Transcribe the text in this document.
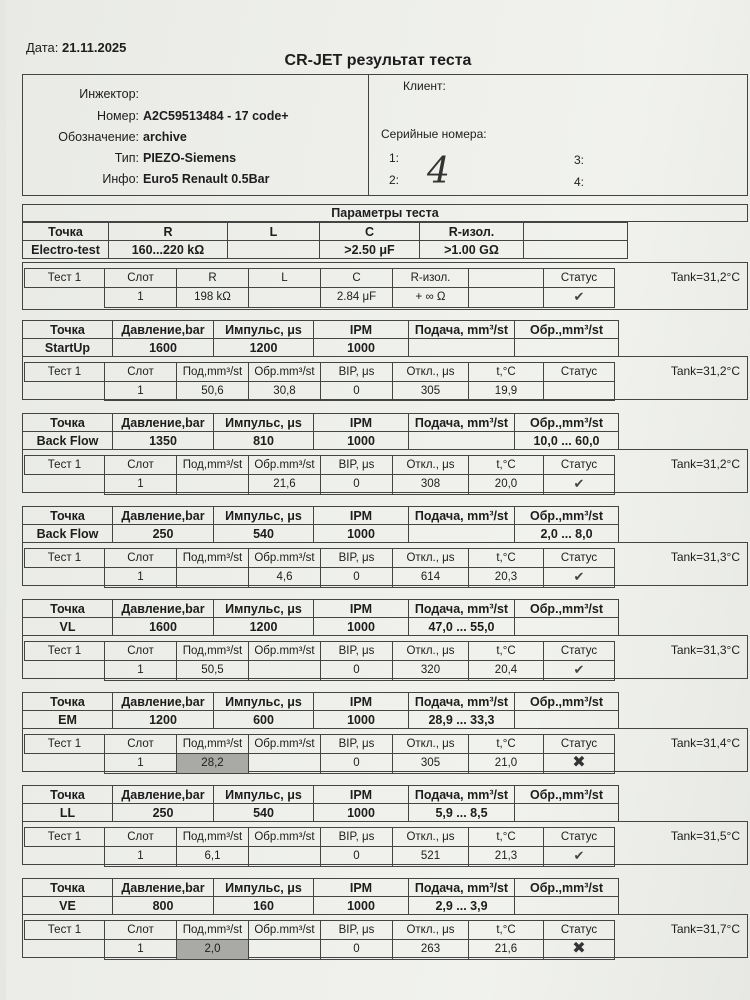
Дата: 21.11.2025
CR-JET результат теста
Инжектор:
Номер: A2C59513484 - 17 code+
Обозначение: archive
Тип: PIEZO-Siemens
Инфо: Euro5 Renault 0.5Bar
Клиент:
Серийные номера:
1:
2:
3:
4:
4
Параметры теста
Точка	R	L	C	R-изол.	
Electro-test	160...220 kΩ		>2.50 μF	>1.00 GΩ	
Тест 1	Слот	R	L	C	R-изол.		Статус
	1	198 kΩ		2.84 μF	+ ∞ Ω		✔
Tank=31,2°C
Точка	Давление,bar	Импульс, μs	IPM	Подача, mm³/st	Обр.,mm³/st
StartUp	1600	1200	1000		
Тест 1	Слот	Под,mm³/st	Обр.mm³/st	BIP, μs	Откл., μs	t,°C	Статус
	1	50,6	30,8	0	305	19,9	
Tank=31,2°C
Точка	Давление,bar	Импульс, μs	IPM	Подача, mm³/st	Обр.,mm³/st
Back Flow	1350	810	1000		10,0 ... 60,0
Тест 1	Слот	Под,mm³/st	Обр.mm³/st	BIP, μs	Откл., μs	t,°C	Статус
	1		21,6	0	308	20,0	✔
Tank=31,2°C
Точка	Давление,bar	Импульс, μs	IPM	Подача, mm³/st	Обр.,mm³/st
Back Flow	250	540	1000		2,0 ... 8,0
Тест 1	Слот	Под,mm³/st	Обр.mm³/st	BIP, μs	Откл., μs	t,°C	Статус
	1		4,6	0	614	20,3	✔
Tank=31,3°C
Точка	Давление,bar	Импульс, μs	IPM	Подача, mm³/st	Обр.,mm³/st
VL	1600	1200	1000	47,0 ... 55,0	
Тест 1	Слот	Под,mm³/st	Обр.mm³/st	BIP, μs	Откл., μs	t,°C	Статус
	1	50,5		0	320	20,4	✔
Tank=31,3°C
Точка	Давление,bar	Импульс, μs	IPM	Подача, mm³/st	Обр.,mm³/st
EM	1200	600	1000	28,9 ... 33,3	
Тест 1	Слот	Под,mm³/st	Обр.mm³/st	BIP, μs	Откл., μs	t,°C	Статус
	1	28,2		0	305	21,0	✖
Tank=31,4°C
Точка	Давление,bar	Импульс, μs	IPM	Подача, mm³/st	Обр.,mm³/st
LL	250	540	1000	5,9 ... 8,5	
Тест 1	Слот	Под,mm³/st	Обр.mm³/st	BIP, μs	Откл., μs	t,°C	Статус
	1	6,1		0	521	21,3	✔
Tank=31,5°C
Точка	Давление,bar	Импульс, μs	IPM	Подача, mm³/st	Обр.,mm³/st
VE	800	160	1000	2,9 ... 3,9	
Тест 1	Слот	Под,mm³/st	Обр.mm³/st	BIP, μs	Откл., μs	t,°C	Статус
	1	2,0		0	263	21,6	✖
Tank=31,7°C
